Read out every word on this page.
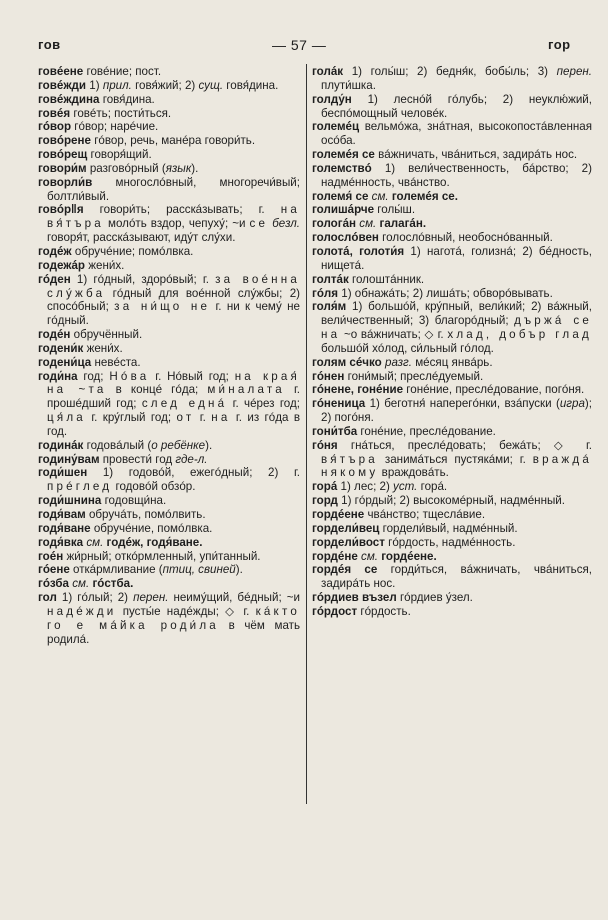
гов	— 57 —	гор
говéене говéние; пост.
говéжди 1) прил. говя́жий; 2) сущ. говя́дина.
говéждина говя́дина.
говéя говéть; пости́ться.
гóвор гóвор; нарéчие.
говóрене гóвор, речь, манéра говори́ть.
говóрещ говоря́щий.
говори́м разговóрный (язык).
говорли́в многослóвный, многоречи́вый; болтли́вый.
говóр‖я говори́ть; расскáзывать; г. на вя́търа молóть вздор, чепуху́; ~и се безл. говоря́т, расскáзывают, иду́т слу́хи.
годéж обручéние; помóлвка.
годежáр жени́х.
гóден 1) гóдный, здорóвый; г. за воéнна слу́жба гóдный для воéнной слу́жбы; 2) спосóбный; за ни́що не г. ни к чему́ не гóдный.
годéн обручённый.
годени́к жени́х.
годени́ца невéста.
годи́на год; Нóва г. Нóвый год; на края́ на ~та в концé гóда; ми́налата г. прошéдший год; след еднá г. чéрез год; ця́ла г. кру́глый год; от г. на г. из гóда в год.
годинáк годовáлый (о ребёнке).
годину́вам провести́ год где-л.
годи́шен 1) годовóй, ежегóдный; 2) г. прéглед годовóй обзóр.
годи́шнина годовщи́на.
годя́вам обручáть, помóлвить.
годя́ване обручéние, помóлвка.
годя́вка см. годéж, годя́ване.
гоéн жи́рный; откóрмленный, упи́танный.
гóене откáрмливание (птиц, свиней).
гóзба см. гóстба.
гол 1) гóлый; 2) перен. неиму́щий, бéдный; ~и надéжди пусты́е надéжды; ◇ г. кáкто го е мáйка роди́ла в чём мать родилá.
голáк 1) голы́ш; 2) бедня́к, бобы́ль; 3) перен. плути́шка.
голду́н 1) леснóй гóлубь; 2) неуклю́жий, беспóмощный человéк.
големéц вельмóжа, знáтная, высокопостáвленная осóба.
големéя се вáжничать, чвáниться, задирáть нос.
големствó 1) вели́чественность, бáрство; 2) надмéнность, чвáнство.
големя́ се см. големéя се.
голишáрче голы́ш.
гологáн см. галагáн.
голослóвен голослóвный, необоснóванный.
голотá, голоти́я 1) наготá, голизнá; 2) бéдность, нищетá.
голтáк голоштáнник.
гóля 1) обнажáть; 2) лишáть; обворóвывать.
голя́м 1) большóй, кру́пный, вели́кий; 2) вáжный, вели́чественный; 3) благорóдный; държá се на ~о вáжничать; ◇ г. хлад, добър глад большóй хóлод, си́льный гóлод.
голям сéчко разг. мéсяц янвáрь.
гóнен гони́мый; преслéдуемый.
гóнене, гонéние гонéние, преслéдование, погóня.
гóненица 1) беготня́ наперегóнки, взáпуски (игра); 2) погóня.
гони́тба гонéние, преслéдование.
гóня гнáться, преслéдовать; бежáть; ◇ г. вя́търа занимáться пустякáми; г. враждá някому враждовáть.
горá 1) лес; 2) уст. горá.
горд 1) гóрдый; 2) высокомéрный, надмéнный.
гордéене чвáнство; тщеслáвие.
гордели́вец гордели́вый, надмéнный.
гордели́вост гóрдость, надмéнность.
гордéне см. гордéене.
гордéя се горди́ться, вáжничать, чвáниться, задирáть нос.
гóрдиев възел гóрдиев у́зел.
гóрдост гóрдость.
